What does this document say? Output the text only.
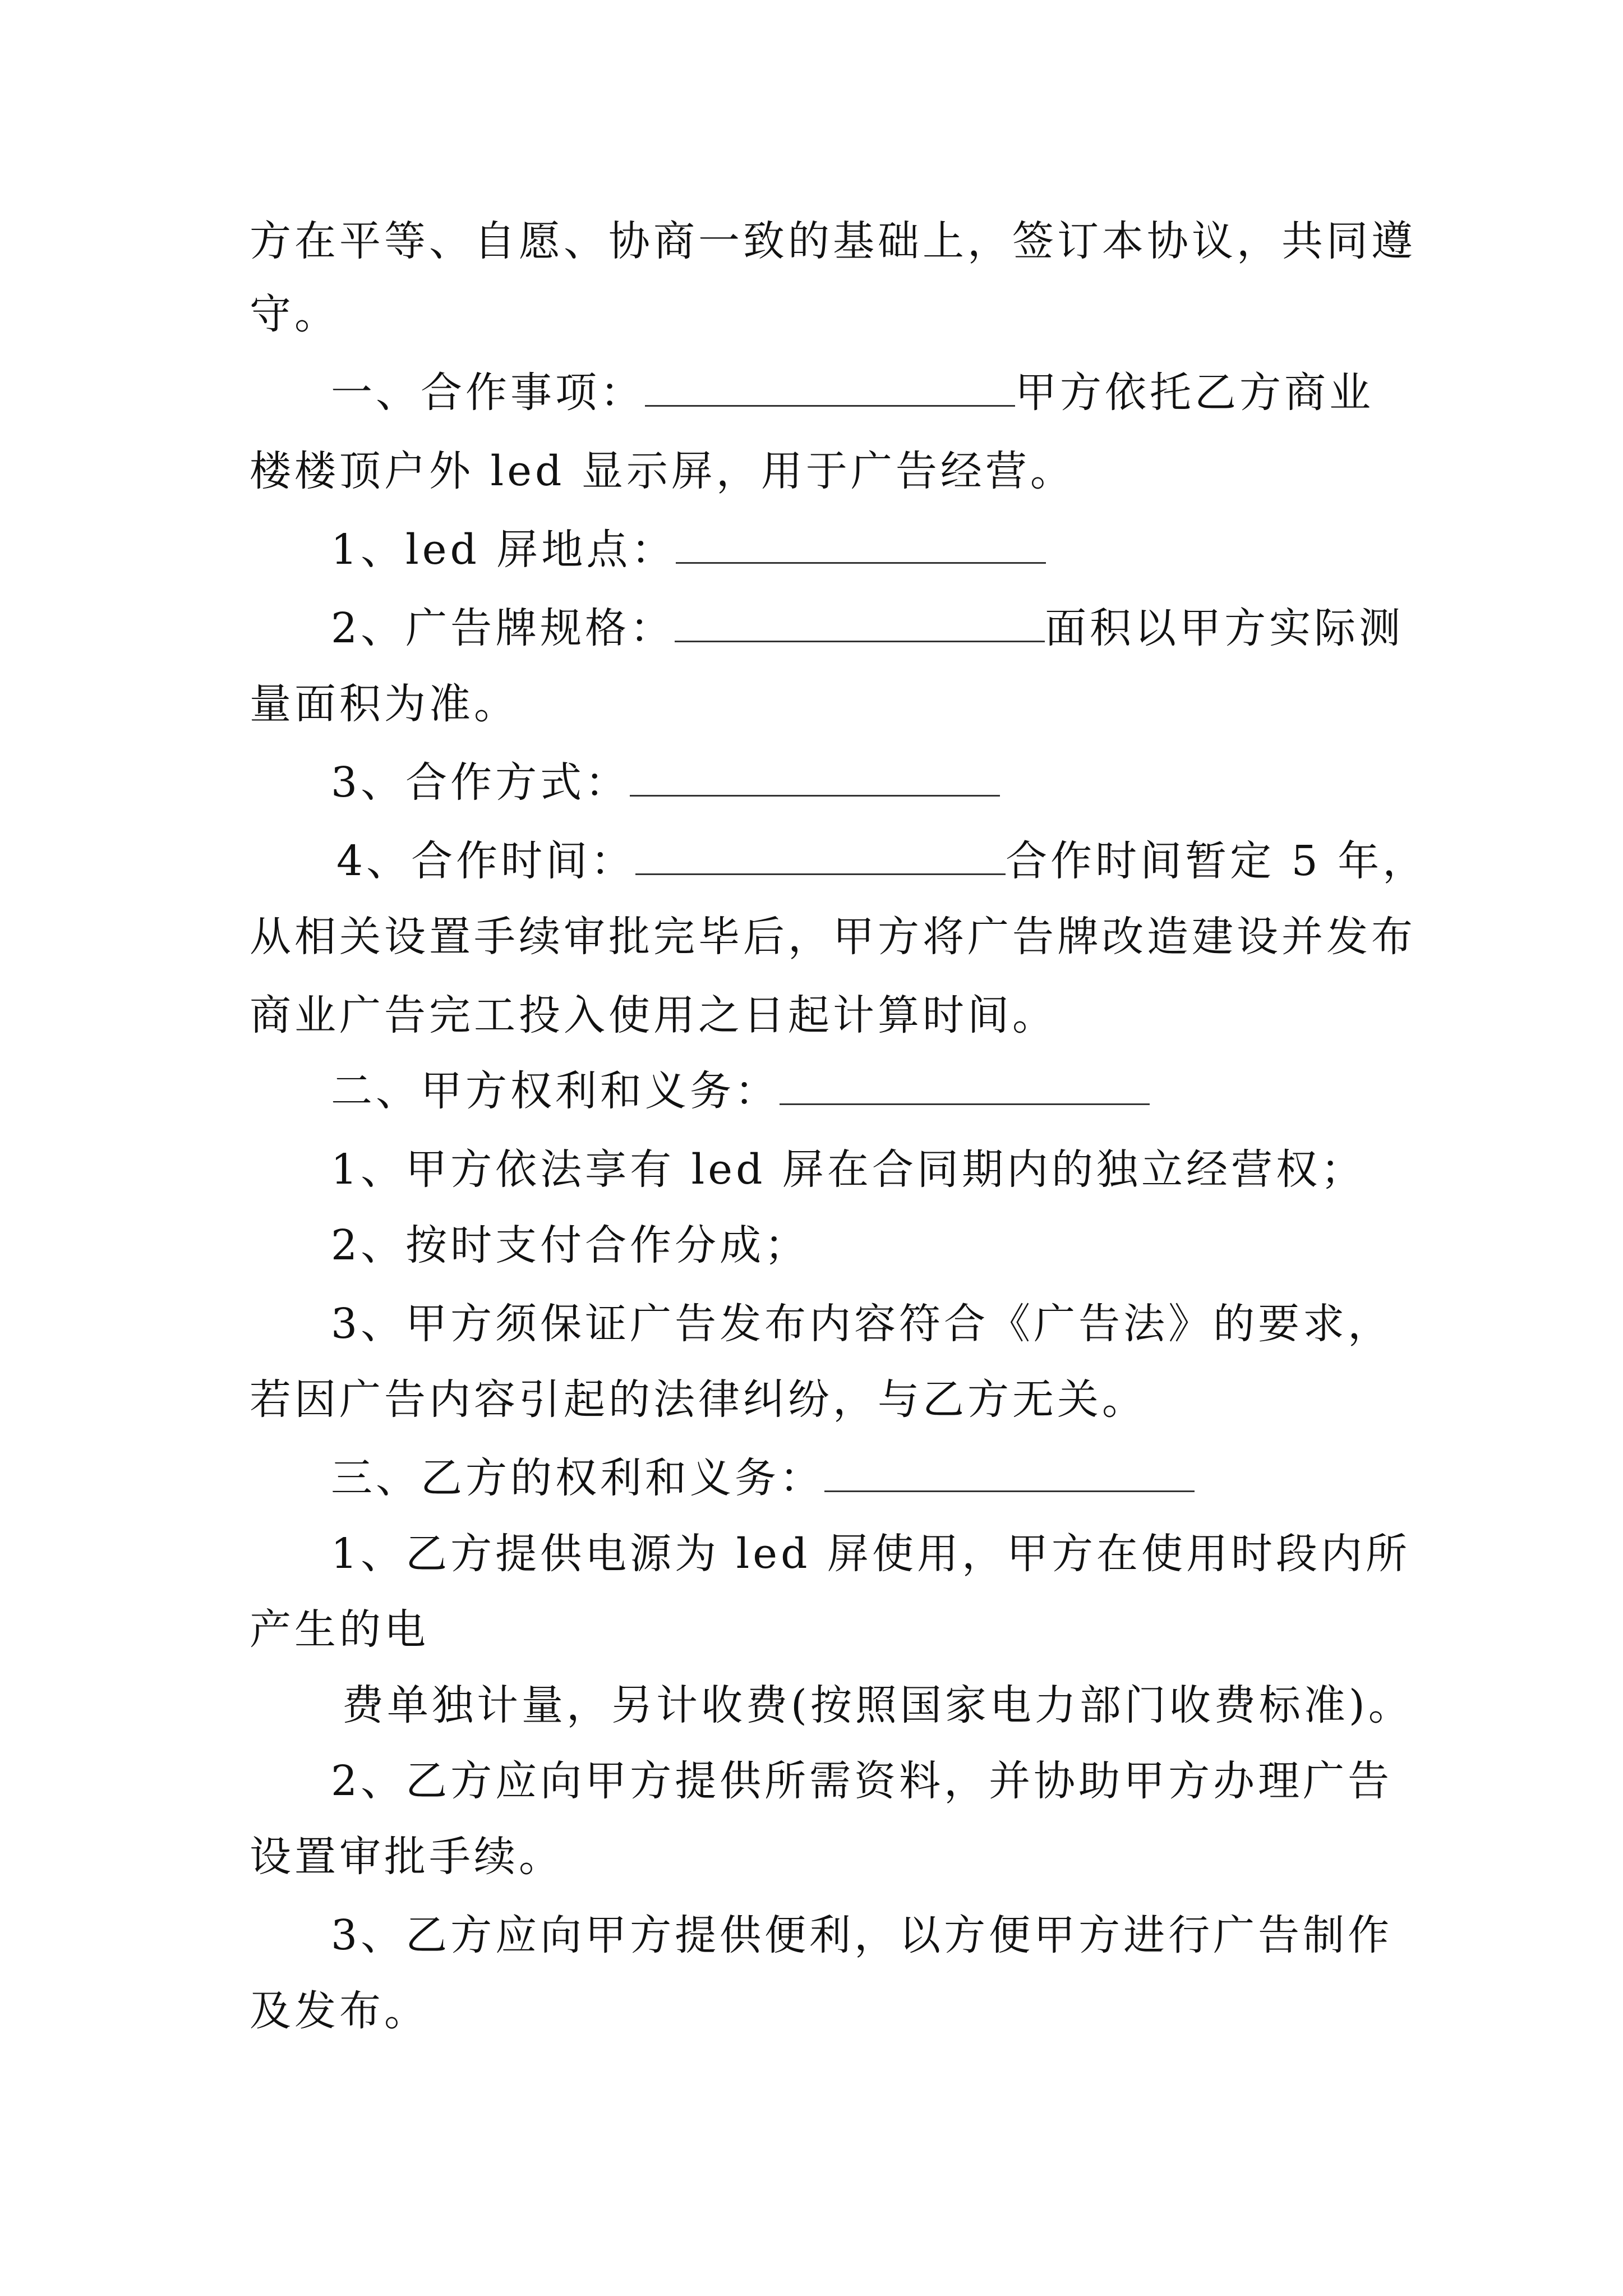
方在平等、自愿、协商一致的基础上，签订本协议，共同遵
守。
一、合作事项：	甲方依托乙方商业
楼楼顶户外 led 显示屏，用于广告经营。
1、led 屏地点：
2、广告牌规格：	面积以甲方实际测
量面积为准。
3、合作方式：
4、合作时间：	合作时间暂定 5 年，
从相关设置手续审批完毕后，甲方将广告牌改造建设并发布
商业广告完工投入使用之日起计算时间。
二、甲方权利和义务：
1、甲方依法享有 led 屏在合同期内的独立经营权；
2、按时支付合作分成；
3、甲方须保证广告发布内容符合《广告法》的要求，
若因广告内容引起的法律纠纷，与乙方无关。
三、乙方的权利和义务：
1、乙方提供电源为 led 屏使用，甲方在使用时段内所
产生的电
费单独计量，另计收费(按照国家电力部门收费标准)。
2、乙方应向甲方提供所需资料，并协助甲方办理广告
设置审批手续。
3、乙方应向甲方提供便利，以方便甲方进行广告制作
及发布。
